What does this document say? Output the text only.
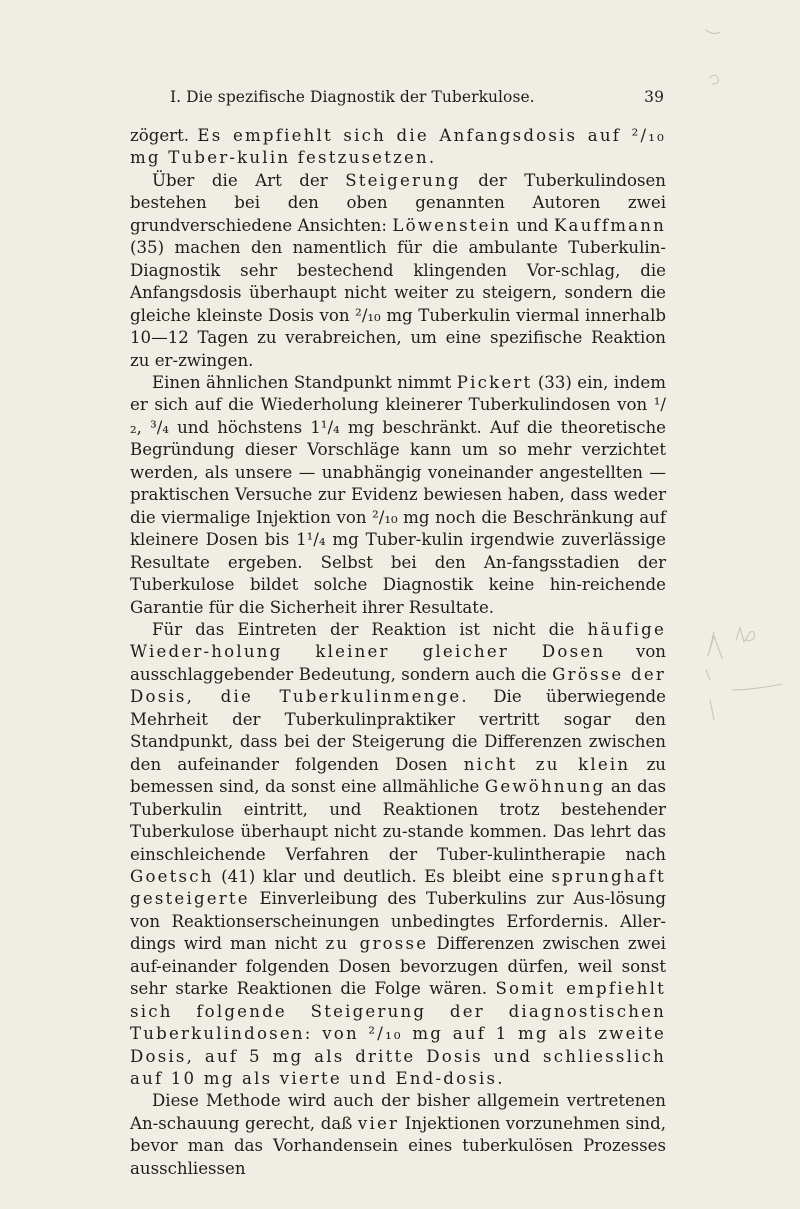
I. Die spezifische Diagnostik der Tuberkulose.	39

zögert. Es empfiehlt sich die Anfangsdosis auf ²/₁₀ mg Tuber-kulin festzusetzen.

Über die Art der Steigerung der Tuberkulindosen bestehen bei den oben genannten Autoren zwei grundverschiedene Ansichten: Löwenstein und Kauffmann (35) machen den namentlich für die ambulante Tuberkulin-Diagnostik sehr bestechend klingenden Vor-schlag, die Anfangsdosis überhaupt nicht weiter zu steigern, sondern die gleiche kleinste Dosis von ²/₁₀ mg Tuberkulin viermal innerhalb 10—12 Tagen zu verabreichen, um eine spezifische Reaktion zu er-zwingen.

Einen ähnlichen Standpunkt nimmt Pickert (33) ein, indem er sich auf die Wiederholung kleinerer Tuberkulindosen von ¹/₂, ³/₄ und höchstens 1¹/₄ mg beschränkt. Auf die theoretische Begründung dieser Vorschläge kann um so mehr verzichtet werden, als unsere — unabhängig voneinander angestellten — praktischen Versuche zur Evidenz bewiesen haben, dass weder die viermalige Injektion von ²/₁₀ mg noch die Beschränkung auf kleinere Dosen bis 1¹/₄ mg Tuber-kulin irgendwie zuverlässige Resultate ergeben. Selbst bei den An-fangsstadien der Tuberkulose bildet solche Diagnostik keine hin-reichende Garantie für die Sicherheit ihrer Resultate.

Für das Eintreten der Reaktion ist nicht die häufige Wieder-holung kleiner gleicher Dosen von ausschlaggebender Bedeutung, sondern auch die Grösse der Dosis, die Tuberkulinmenge. Die überwiegende Mehrheit der Tuberkulinpraktiker vertritt sogar den Standpunkt, dass bei der Steigerung die Differenzen zwischen den aufeinander folgenden Dosen nicht zu klein zu bemessen sind, da sonst eine allmähliche Gewöhnung an das Tuberkulin eintritt, und Reaktionen trotz bestehender Tuberkulose überhaupt nicht zu-stande kommen. Das lehrt das einschleichende Verfahren der Tuber-kulintherapie nach Goetsch (41) klar und deutlich. Es bleibt eine sprunghaft gesteigerte Einverleibung des Tuberkulins zur Aus-lösung von Reaktionserscheinungen unbedingtes Erfordernis. Aller-dings wird man nicht zu grosse Differenzen zwischen zwei auf-einander folgenden Dosen bevorzugen dürfen, weil sonst sehr starke Reaktionen die Folge wären. Somit empfiehlt sich folgende Steigerung der diagnostischen Tuberkulindosen: von ²/₁₀ mg auf 1 mg als zweite Dosis, auf 5 mg als dritte Dosis und schliesslich auf 10 mg als vierte und End-dosis.

Diese Methode wird auch der bisher allgemein vertretenen An-schauung gerecht, daß vier Injektionen vorzunehmen sind, bevor man das Vorhandensein eines tuberkulösen Prozesses ausschliessen
